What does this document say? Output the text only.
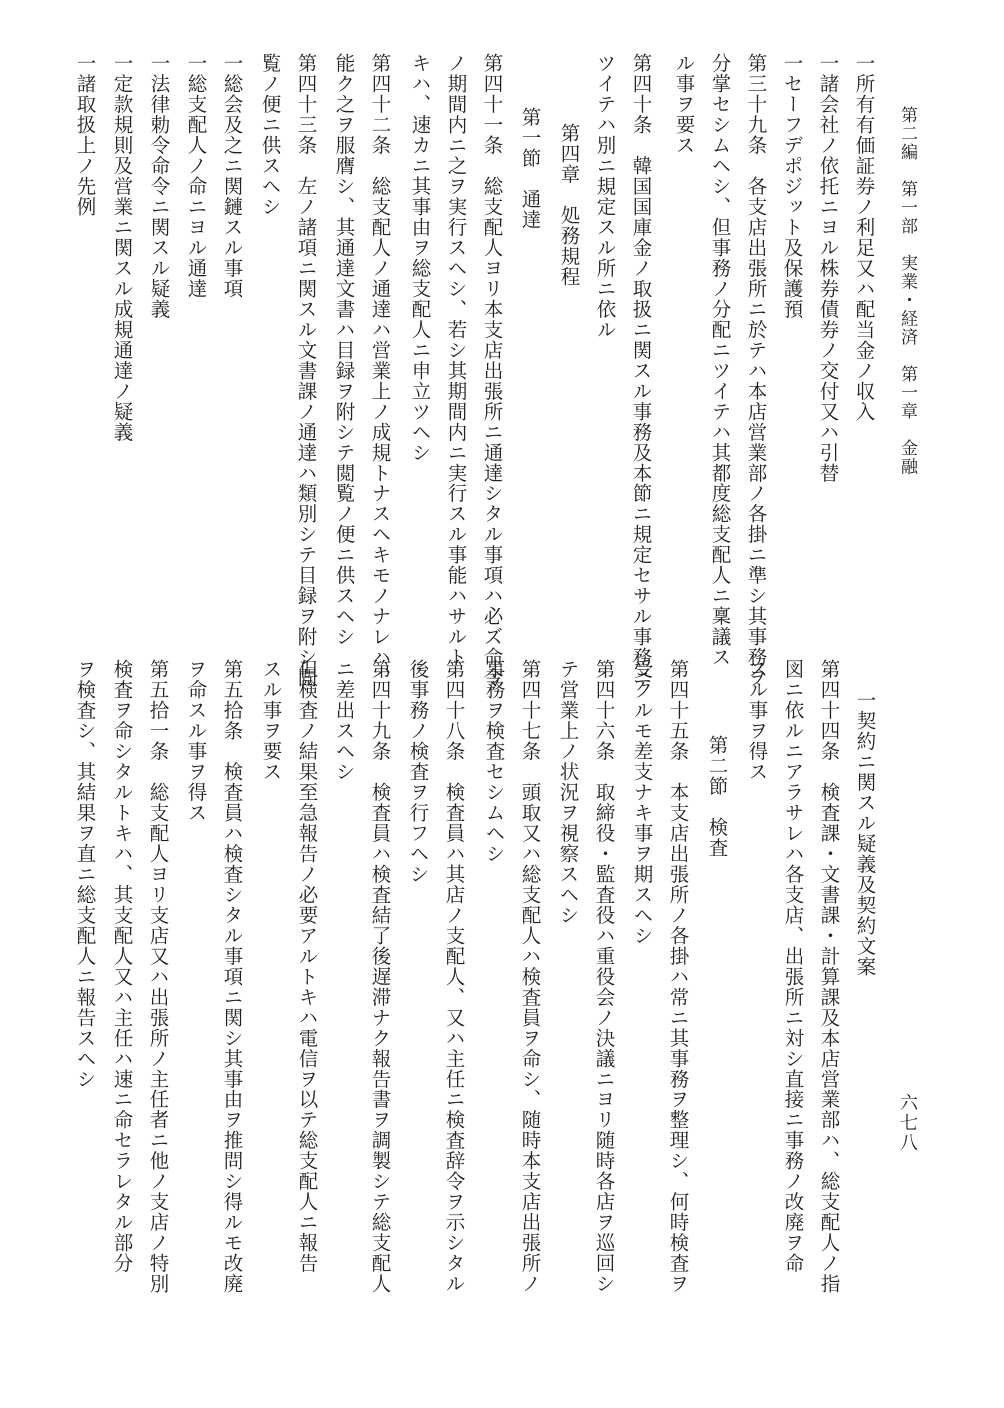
第二編　第一部　実業・経済　第一章　金融
六七八
一所有有価証券ノ利足又ハ配当金ノ収入
一諸会社ノ依托ニヨル株券債券ノ交付又ハ引替
一セーフデポジット及保護預
第三十九条　各支店出張所ニ於テハ本店営業部ノ各掛ニ準シ其事務ヲ
分掌セシムヘシ、但事務ノ分配ニツイテハ其都度総支配人ニ稟議ス
ル事ヲ要ス
第四十条　韓国国庫金ノ取扱ニ関スル事務及本節ニ規定セサル事務ニ
ツイテハ別ニ規定スル所ニ依ル
第四章　処務規程
第一節　通達
第四十一条　総支配人ヨリ本支店出張所ニ通達シタル事項ハ必ズ命令
ノ期間内ニ之ヲ実行スヘシ、若シ其期間内ニ実行スル事能ハサルト
キハ、速カニ其事由ヲ総支配人ニ申立ツヘシ
第四十二条　総支配人ノ通達ハ営業上ノ成規トナスヘキモノナレハ、
能ク之ヲ服膺シ、其通達文書ハ目録ヲ附シテ閲覧ノ便ニ供スヘシ
第四十三条　左ノ諸項ニ関スル文書課ノ通達ハ類別シテ目録ヲ附シ閲
覧ノ便ニ供スヘシ
一総会及之ニ関鏈スル事項
一総支配人ノ命ニヨル通達
一法律勅令命令ニ関スル疑義
一定款規則及営業ニ関スル成規通達ノ疑義
一諸取扱上ノ先例
一契約ニ関スル疑義及契約文案
第四十四条　検査課・文書課・計算課及本店営業部ハ、総支配人ノ指
図ニ依ルニアラサレハ各支店、出張所ニ対シ直接ニ事務ノ改廃ヲ命
スル事ヲ得ス
第二節　検査
第四十五条　本支店出張所ノ各掛ハ常ニ其事務ヲ整理シ、何時検査ヲ
受クルモ差支ナキ事ヲ期スヘシ
第四十六条　取締役・監査役ハ重役会ノ決議ニヨリ随時各店ヲ巡回シ
テ営業上ノ状況ヲ視察スヘシ
第四十七条　頭取又ハ総支配人ハ検査員ヲ命シ、随時本支店出張所ノ
事務ヲ検査セシムヘシ
第四十八条　検査員ハ其店ノ支配人、又ハ主任ニ検査辞令ヲ示シタル
後事務ノ検査ヲ行フヘシ
第四十九条　検査員ハ検査結了後遅滞ナク報告書ヲ調製シテ総支配人
ニ差出スヘシ
但検査ノ結果至急報告ノ必要アルトキハ電信ヲ以テ総支配人ニ報告
スル事ヲ要ス
第五拾条　検査員ハ検査シタル事項ニ関シ其事由ヲ推問シ得ルモ改廃
ヲ命スル事ヲ得ス
第五拾一条　総支配人ヨリ支店又ハ出張所ノ主任者ニ他ノ支店ノ特別
検査ヲ命シタルトキハ、其支配人又ハ主任ハ速ニ命セラレタル部分
ヲ検査シ、其結果ヲ直ニ総支配人ニ報告スヘシ
